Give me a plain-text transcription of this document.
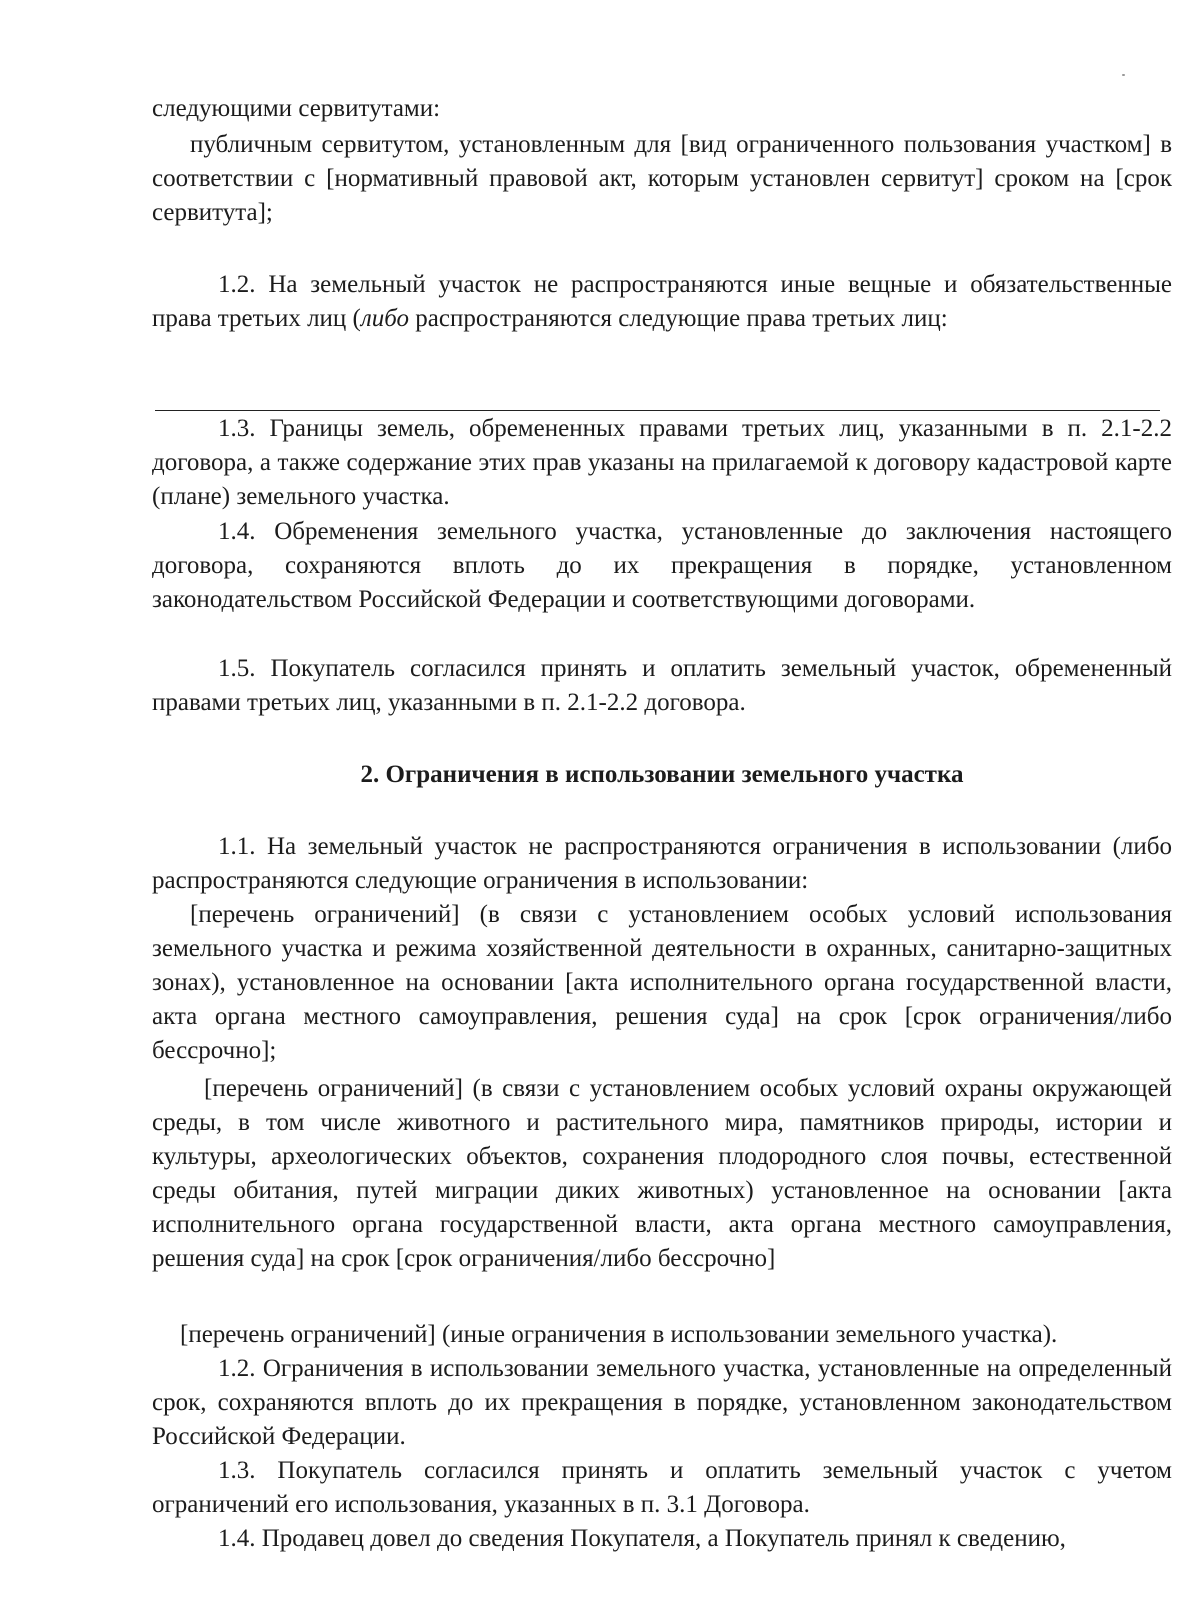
следующими сервитутами:

публичным сервитутом, установленным для [вид ограниченного пользования участком] в соответствии с [нормативный правовой акт, которым установлен сервитут] сроком на [срок сервитута];

1.2. На земельный участок не распространяются иные вещные и обязательственные права третьих лиц (либо распространяются следующие права третьих лиц:

1.3. Границы земель, обремененных правами третьих лиц, указанными в п. 2.1-2.2 договора, а также содержание этих прав указаны на прилагаемой к договору кадастровой карте (плане) земельного участка.

1.4. Обременения земельного участка, установленные до заключения настоящего договора, сохраняются вплоть до их прекращения в порядке, установленном законодательством Российской Федерации и соответствующими договорами.

1.5. Покупатель согласился принять и оплатить земельный участок, обремененный правами третьих лиц, указанными в п. 2.1-2.2 договора.

2. Ограничения в использовании земельного участка

1.1. На земельный участок не распространяются ограничения в использовании (либо распространяются следующие ограничения в использовании:

[перечень ограничений] (в связи с установлением особых условий использования земельного участка и режима хозяйственной деятельности в охранных, санитарно-защитных зонах), установленное на основании [акта исполнительного органа государственной власти, акта органа местного самоуправления, решения суда] на срок [срок ограничения/либо бессрочно];

[перечень ограничений] (в связи с установлением особых условий охраны окружающей среды, в том числе животного и растительного мира, памятников природы, истории и культуры, археологических объектов, сохранения плодородного слоя почвы, естественной среды обитания, путей миграции диких животных) установленное на основании [акта исполнительного органа государственной власти, акта органа местного самоуправления, решения суда] на срок [срок ограничения/либо бессрочно]

[перечень ограничений] (иные ограничения в использовании земельного участка).

1.2. Ограничения в использовании земельного участка, установленные на определенный срок, сохраняются вплоть до их прекращения в порядке, установленном законодательством Российской Федерации.

1.3. Покупатель согласился принять и оплатить земельный участок с учетом ограничений его использования, указанных в п. 3.1 Договора.

1.4. Продавец довел до сведения Покупателя, а Покупатель принял к сведению,
